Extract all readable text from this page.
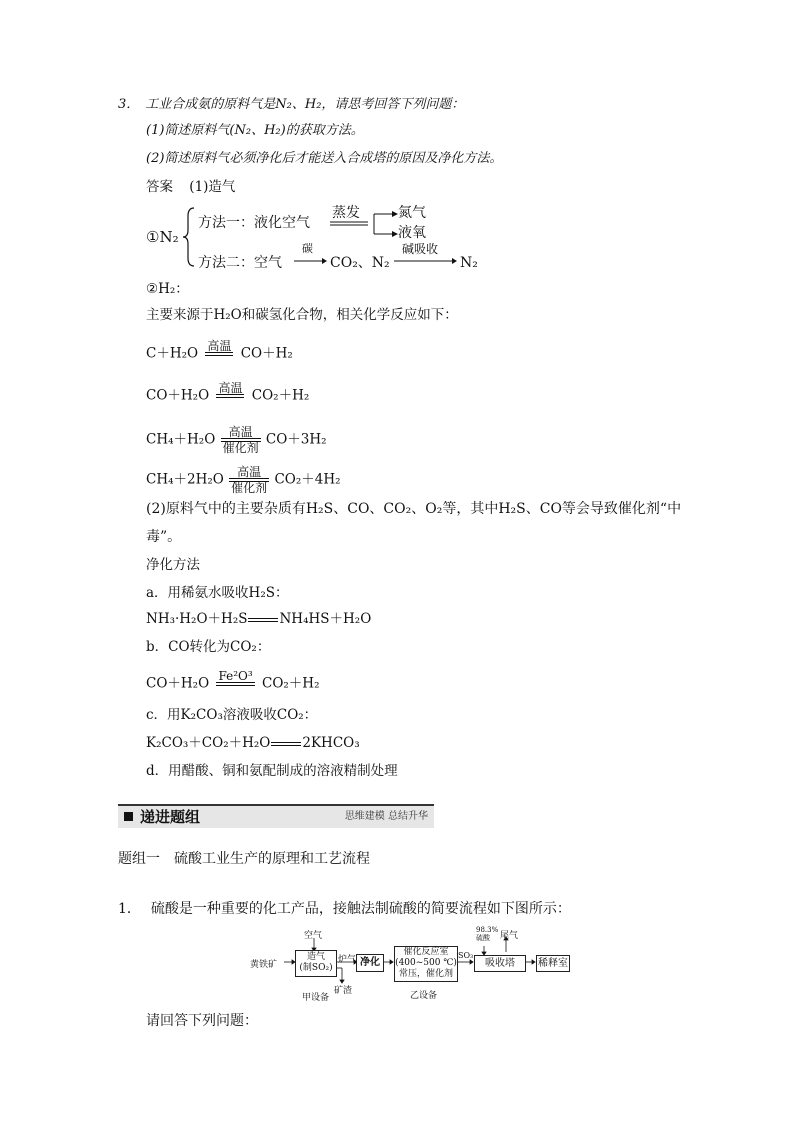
3． 工业合成氨的原料气是N₂、H₂，请思考回答下列问题：
(1)简述原料气(N₂、H₂)的获取方法。
(2)简述原料气必须净化后才能送入合成塔的原因及净化方法。
答案 (1)造气
①N₂
方法一：液化空气
蒸发	氮气
液氧
方法二：空气
碳
CO₂、N₂
碱吸收
N₂
②H₂：
主要来源于H₂O和碳氢化合物，相关化学反应如下：
C＋H₂O 高温
CO＋H₂
CO＋H₂O 高温
CO₂＋H₂
CH₄＋H₂O	高温
催化剂
CO＋3H₂
CH₄＋2H₂O	高温
催化剂
CO₂＋4H₂
(2)原料气中的主要杂质有H₂S、CO、CO₂、O₂等，其中H₂S、CO等会导致催化剂“中
毒”。
净化方法
a．用稀氨水吸收H₂S：
NH₃·H₂O＋H₂S NH₄HS＋H₂O
b．CO转化为CO₂：
CO＋H₂O Fe²O³
CO₂＋H₂
c．用K₂CO₃溶液吸收CO₂：
K₂CO₃＋CO₂＋H₂O 2KHCO₃
d．用醋酸、铜和氨配制成的溶液精制处理
递进题组	思维建模 总结升华
题组一　硫酸工业生产的原理和工艺流程
1． 硫酸是一种重要的化工产品，接触法制硫酸的简要流程如下图所示：
黄铁矿
空气
造气
(制SO₂)
炉气
矿渣
甲设备
净化
催化反应室
(400~500 ℃)
常压，催化剂
乙设备
SO₃
98.3%
硫酸	尾气
吸收塔	稀释室
请回答下列问题：
